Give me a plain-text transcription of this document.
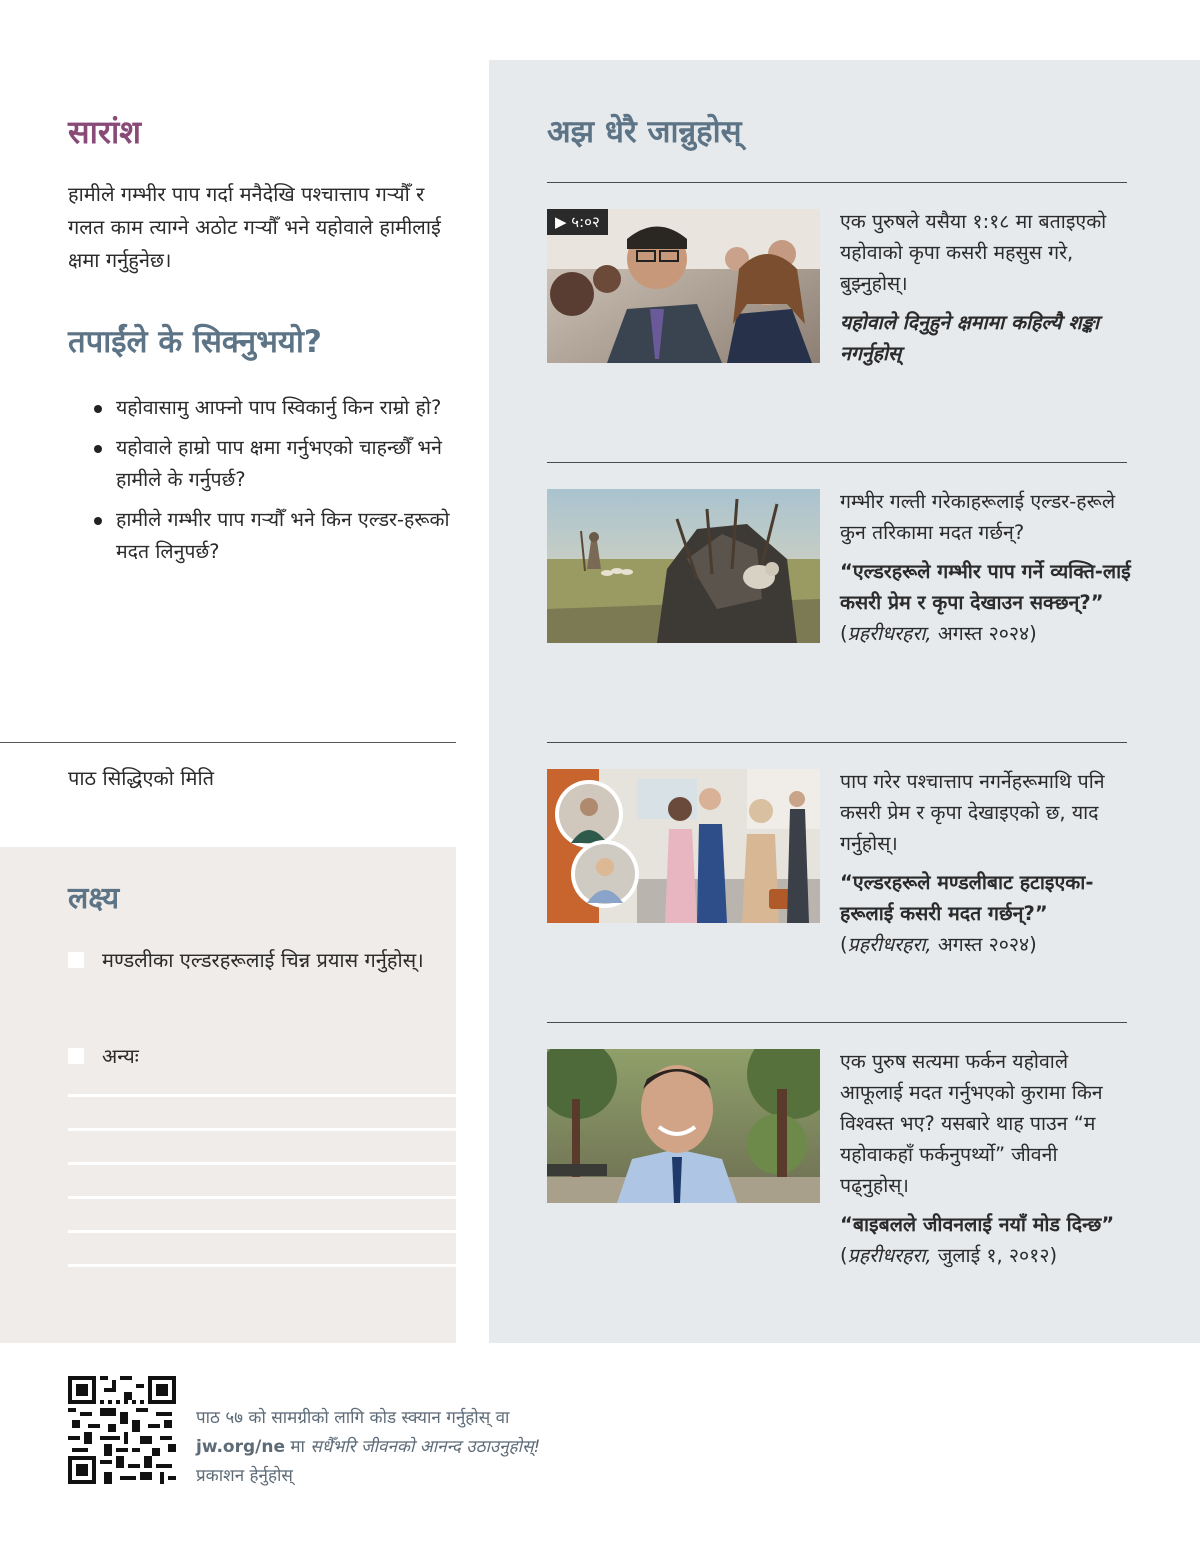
सारांश
हामीले गम्भीर पाप गर्दा मनैदेखि पश्चात्ताप गर्‍यौँ र गलत काम त्याग्ने अठोट गर्‍यौँ भने यहोवाले हामीलाई क्षमा गर्नुहुनेछ।
तपाईंले के सिक्नुभयो?
यहोवासामु आफ्नो पाप स्विकार्नु किन राम्रो हो?
यहोवाले हाम्रो पाप क्षमा गर्नुभएको चाहन्छौँ भने हामीले के गर्नुपर्छ?
हामीले गम्भीर पाप गर्‍यौँ भने किन एल्डर-हरूको मदत लिनुपर्छ?
पाठ सिद्धिएको मिति
लक्ष्य
मण्डलीका एल्डरहरूलाई चिन्न प्रयास गर्नुहोस्।
अन्यः
अझ धेरै जान्नुहोस्
▶ ५:०२	एक पुरुषले यसैया १:१८ मा बताइएको यहोवाको कृपा कसरी महसुस गरे, बुझ्नुहोस्।
यहोवाले दिनुहुने क्षमामा कहिल्यै शङ्का नगर्नुहोस्
गम्भीर गल्ती गरेकाहरूलाई एल्डर-हरूले कुन तरिकामा मदत गर्छन्?
“एल्डरहरूले गम्भीर पाप गर्ने व्यक्ति-लाई कसरी प्रेम र कृपा देखाउन सक्छन्?” (प्रहरीधरहरा, अगस्त २०२४)
पाप गरेर पश्चात्ताप नगर्नेहरूमाथि पनि कसरी प्रेम र कृपा देखाइएको छ, याद गर्नुहोस्।
“एल्डरहरूले मण्डलीबाट हटाइएका-हरूलाई कसरी मदत गर्छन्?” (प्रहरीधरहरा, अगस्त २०२४)
एक पुरुष सत्यमा फर्कन यहोवाले आफूलाई मदत गर्नुभएको कुरामा किन विश्वस्त भए? यसबारे थाह पाउन “म यहोवाकहाँ फर्कनुपर्थ्यो” जीवनी पढ्नुहोस्।
“बाइबलले जीवनलाई नयाँ मोड दिन्छ” (प्रहरीधरहरा, जुलाई १, २०१२)
पाठ ५७ को सामग्रीको लागि कोड स्क्यान गर्नुहोस् वा
jw.org/ne मा सधैँभरि जीवनको आनन्द उठाउनुहोस्!
प्रकाशन हेर्नुहोस्
